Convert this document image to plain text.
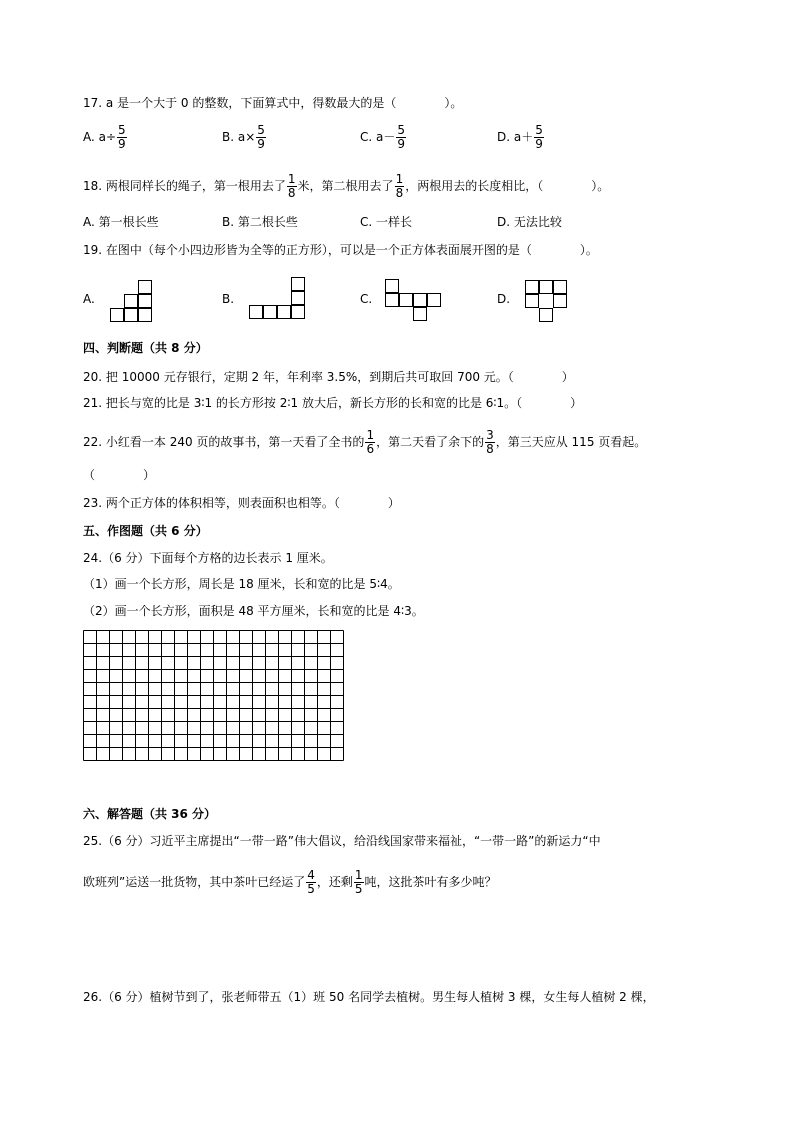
17. a 是一个大于 0 的整数，下面算式中，得数最大的是（　　　　）。
A. $a\div \frac{5}{9}$	B. $a\times \frac{5}{9}$	C. $a- \frac{5}{9}$	D. $a+ \frac{5}{9}$
18. 两根同样长的绳子，第一根用去了 $\frac{1}{8}$ 米，第二根用去了 $\frac{1}{8}$ ，两根用去的长度相比，（　　　　）。
A. 第一根长些	B. 第二根长些	C. 一样长	D. 无法比较
19. 在图中（每个小四边形皆为全等的正方形），可以是一个正方体表面展开图的是（　　　　）。
A.	B.	C.	D.
四、判断题（共 8 分）
20. 把 10000 元存银行，定期 2 年，年利率 3.5%，到期后共可取回 700 元。（　　　　）
21. 把长与宽的比是 3∶1 的长方形按 2∶1 放大后，新长方形的长和宽的比是 6∶1。（　　　　）
22. 小红看一本 240 页的故事书，第一天看了全书的 $\frac{1}{6}$ ，第二天看了余下的 $\frac{3}{8}$ ，第三天应从 115 页看起。
（　　　　）
23. 两个正方体的体积相等，则表面积也相等。（　　　　）
五、作图题（共 6 分）
24.（6 分）下面每个方格的边长表示 1 厘米。
（1）画一个长方形，周长是 18 厘米，长和宽的比是 5∶4。
（2）画一个长方形，面积是 48 平方厘米，长和宽的比是 4∶3。
六、解答题（共 36 分）
25.（6 分）习近平主席提出“一带一路”伟大倡议，给沿线国家带来福祉，“一带一路”的新运力“中
欧班列”运送一批货物，其中茶叶已经运了 $\frac{4}{5}$ ，还剩 $\frac{1}{5}$ 吨，这批茶叶有多少吨？
26.（6 分）植树节到了，张老师带五（1）班 50 名同学去植树。男生每人植树 3 棵，女生每人植树 2 棵，
